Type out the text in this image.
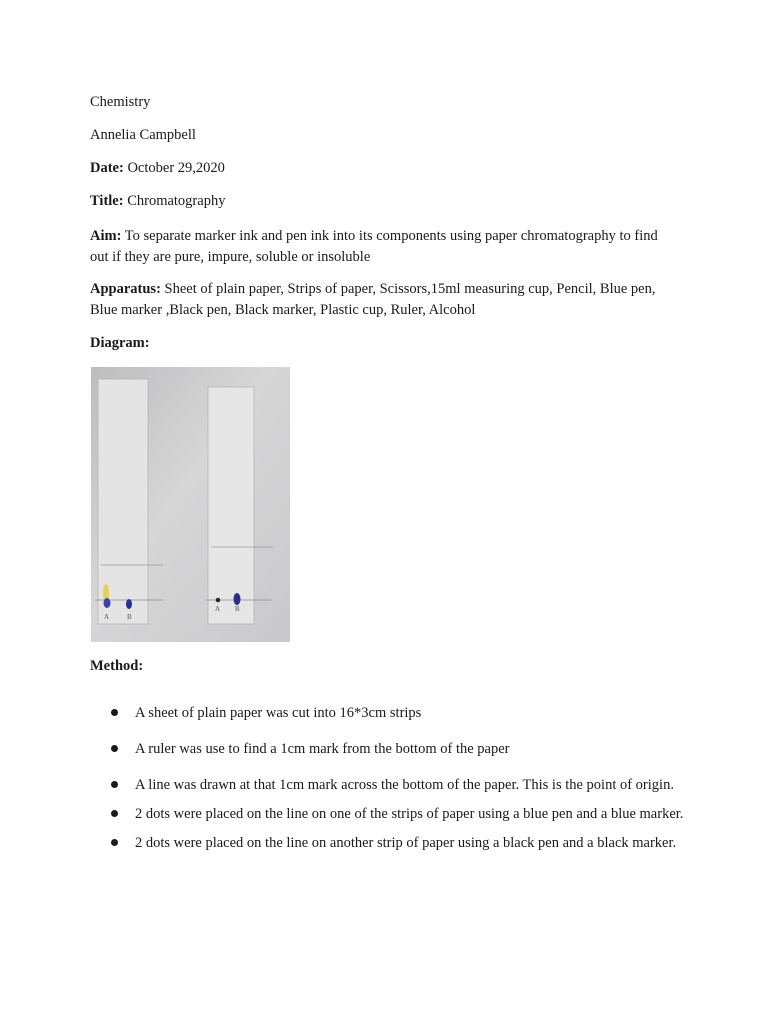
Chemistry
Annelia Campbell
Date: October 29,2020
Title: Chromatography
Aim: To separate marker ink and pen ink into its components using paper chromatography to find out if they are pure, impure, soluble or insoluble
Apparatus: Sheet of plain paper, Strips of paper, Scissors,15ml measuring cup, Pencil, Blue pen, Blue marker ,Black pen, Black marker, Plastic cup, Ruler, Alcohol
Diagram:
A	B
A B
Method:
A sheet of plain paper was cut into 16*3cm strips
A ruler was use to find a 1cm mark from the bottom of the paper
A line was drawn at that 1cm mark across the bottom of the paper. This is the point of origin.
2 dots were placed on the line on one of the strips of paper using a blue pen and a blue marker.
2 dots were placed on the line on another strip of paper using a black pen and a black marker.
